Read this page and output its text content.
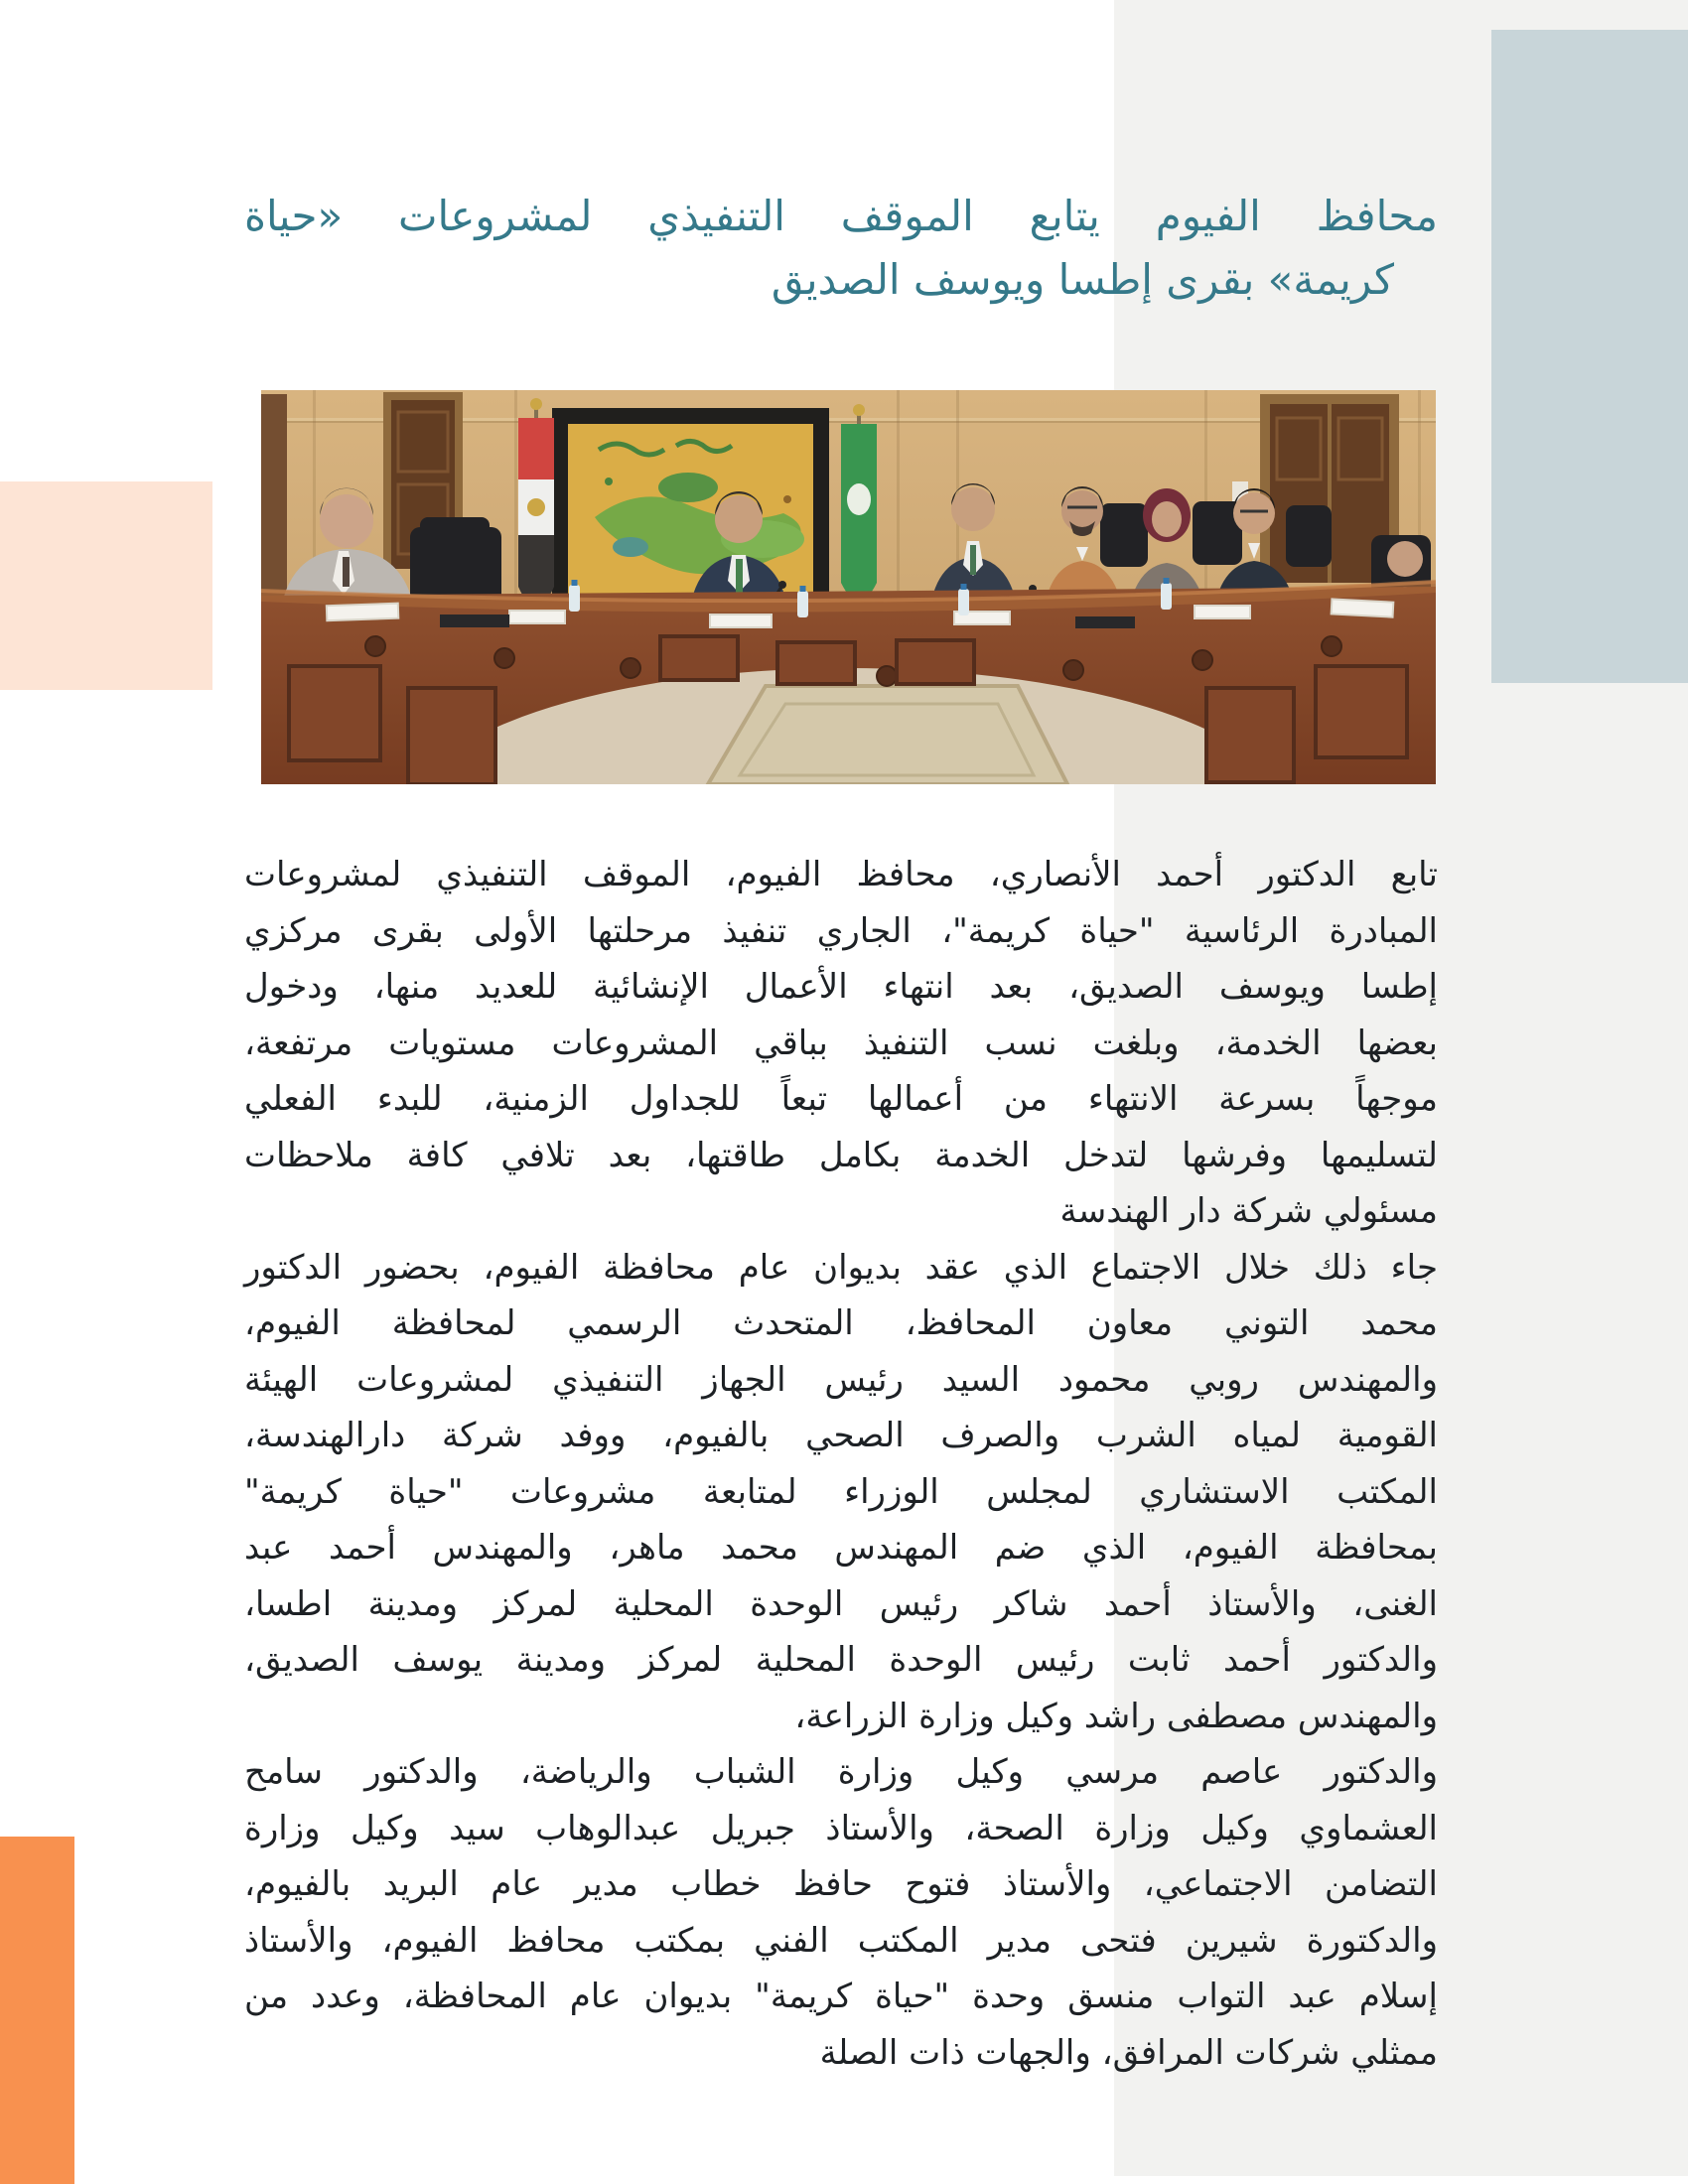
محافظ الفيوم يتابع الموقف التنفيذي لمشروعات «حياة
كريمة» بقرى إطسا ويوسف الصديق
تابع الدكتور أحمد الأنصاري، محافظ الفيوم، الموقف التنفيذي لمشروعات
المبادرة الرئاسية "حياة كريمة"، الجاري تنفيذ مرحلتها الأولى بقرى مركزي
إطسا ويوسف الصديق، بعد انتهاء الأعمال الإنشائية للعديد منها، ودخول
بعضها الخدمة، وبلغت نسب التنفيذ بباقي المشروعات مستويات مرتفعة،
موجهاً بسرعة الانتهاء من أعمالها تبعاً للجداول الزمنية، للبدء الفعلي
لتسليمها وفرشها لتدخل الخدمة بكامل طاقتها، بعد تلافي كافة ملاحظات
مسئولي شركة دار الهندسة
جاء ذلك خلال الاجتماع الذي عقد بديوان عام محافظة الفيوم، بحضور الدكتور
محمد التوني معاون المحافظ، المتحدث الرسمي لمحافظة الفيوم،
والمهندس روبي محمود السيد رئيس الجهاز التنفيذي لمشروعات الهيئة
القومية لمياه الشرب والصرف الصحي بالفيوم، ووفد شركة دارالهندسة،
المكتب الاستشاري لمجلس الوزراء لمتابعة مشروعات "حياة كريمة"
بمحافظة الفيوم، الذي ضم المهندس محمد ماهر، والمهندس أحمد عبد
الغنى، والأستاذ أحمد شاكر رئيس الوحدة المحلية لمركز ومدينة اطسا،
والدكتور أحمد ثابت رئيس الوحدة المحلية لمركز ومدينة يوسف الصديق،
والمهندس مصطفى راشد وكيل وزارة الزراعة،
والدكتور عاصم مرسي وكيل وزارة الشباب والرياضة، والدكتور سامح
العشماوي وكيل وزارة الصحة، والأستاذ جبريل عبدالوهاب سيد وكيل وزارة
التضامن الاجتماعي، والأستاذ فتوح حافظ خطاب مدير عام البريد بالفيوم،
والدكتورة شيرين فتحى مدير المكتب الفني بمكتب محافظ الفيوم، والأستاذ
إسلام عبد التواب منسق وحدة "حياة كريمة" بديوان عام المحافظة، وعدد من
ممثلي شركات المرافق، والجهات ذات الصلة
